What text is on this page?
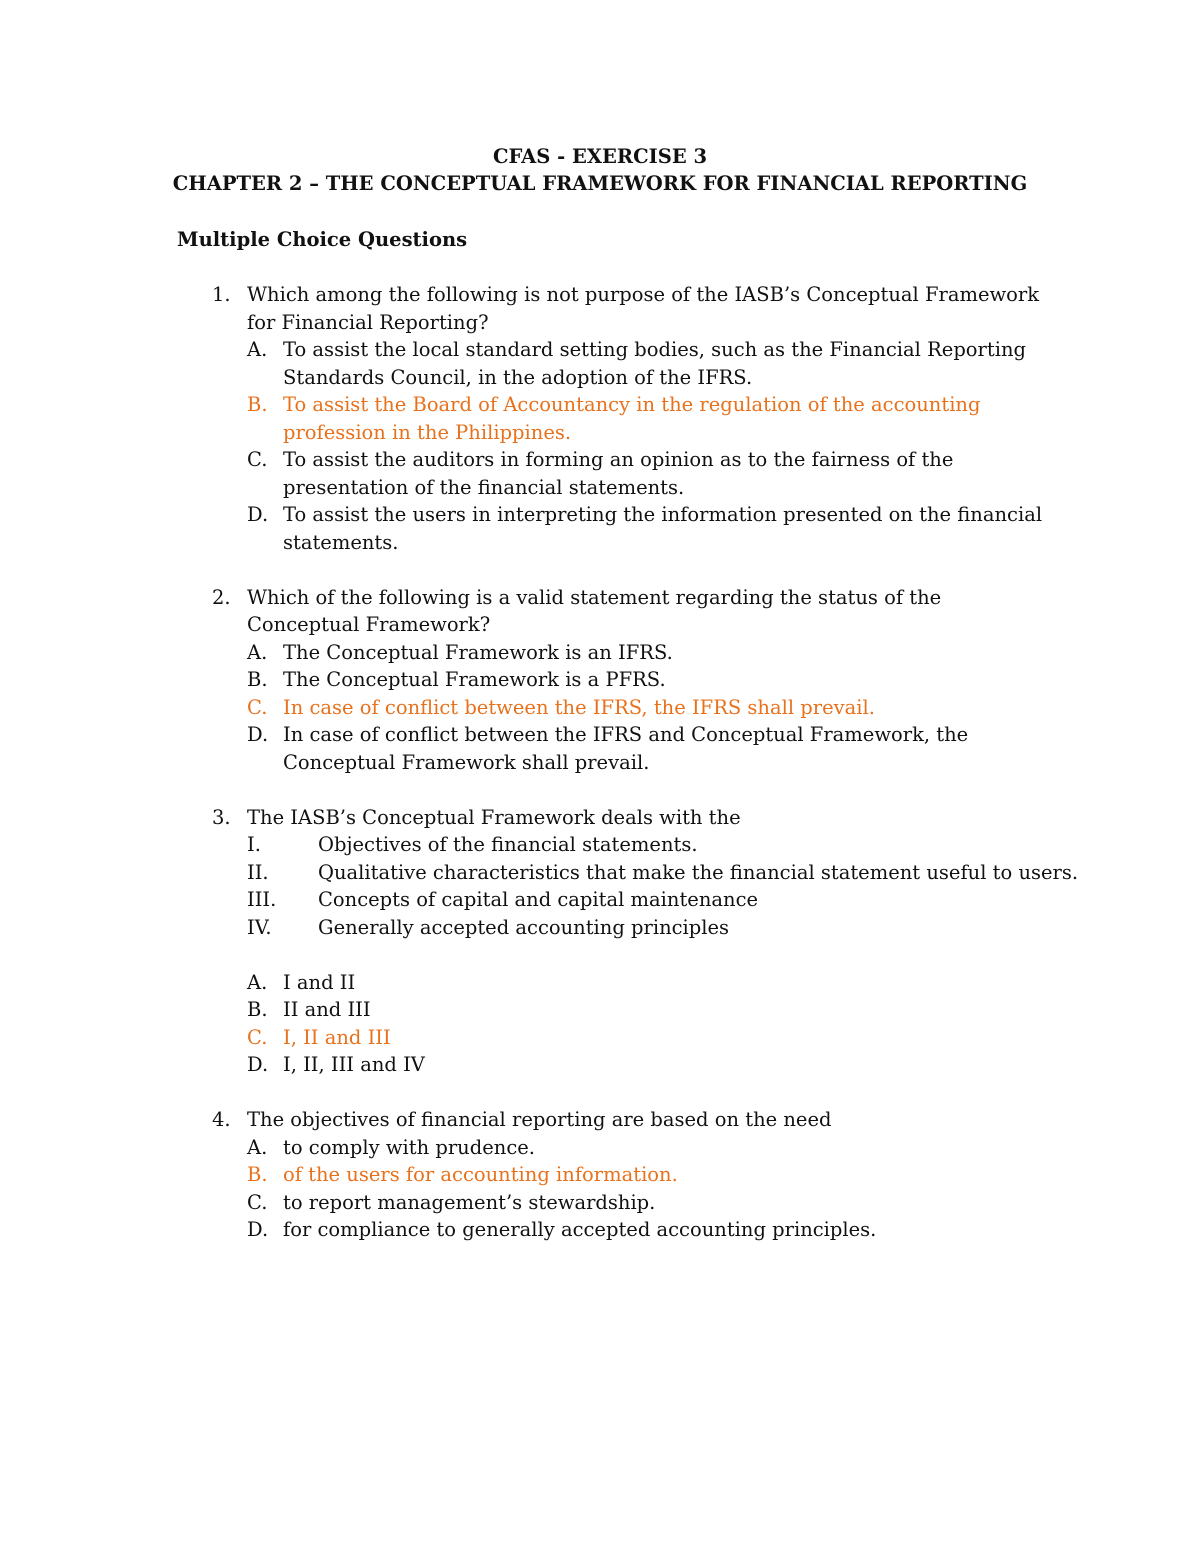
CFAS - EXERCISE 3
CHAPTER 2 – THE CONCEPTUAL FRAMEWORK FOR FINANCIAL REPORTING
Multiple Choice Questions
1. Which among the following is not purpose of the IASB’s Conceptual Framework for Financial Reporting?
A. To assist the local standard setting bodies, such as the Financial Reporting Standards Council, in the adoption of the IFRS.
B. To assist the Board of Accountancy in the regulation of the accounting profession in the Philippines.
C. To assist the auditors in forming an opinion as to the fairness of the presentation of the financial statements.
D. To assist the users in interpreting the information presented on the financial statements.
2. Which of the following is a valid statement regarding the status of the Conceptual Framework?
A. The Conceptual Framework is an IFRS.
B. The Conceptual Framework is a PFRS.
C. In case of conflict between the IFRS, the IFRS shall prevail.
D. In case of conflict between the IFRS and Conceptual Framework, the Conceptual Framework shall prevail.
3. The IASB’s Conceptual Framework deals with the
I.	Objectives of the financial statements.
II.	Qualitative characteristics that make the financial statement useful to users.
III. Concepts of capital and capital maintenance
IV. Generally accepted accounting principles
A. I and II
B. II and III
C. I, II and III
D. I, II, III and IV
4. The objectives of financial reporting are based on the need
A. to comply with prudence.
B. of the users for accounting information.
C. to report management’s stewardship.
D. for compliance to generally accepted accounting principles.
